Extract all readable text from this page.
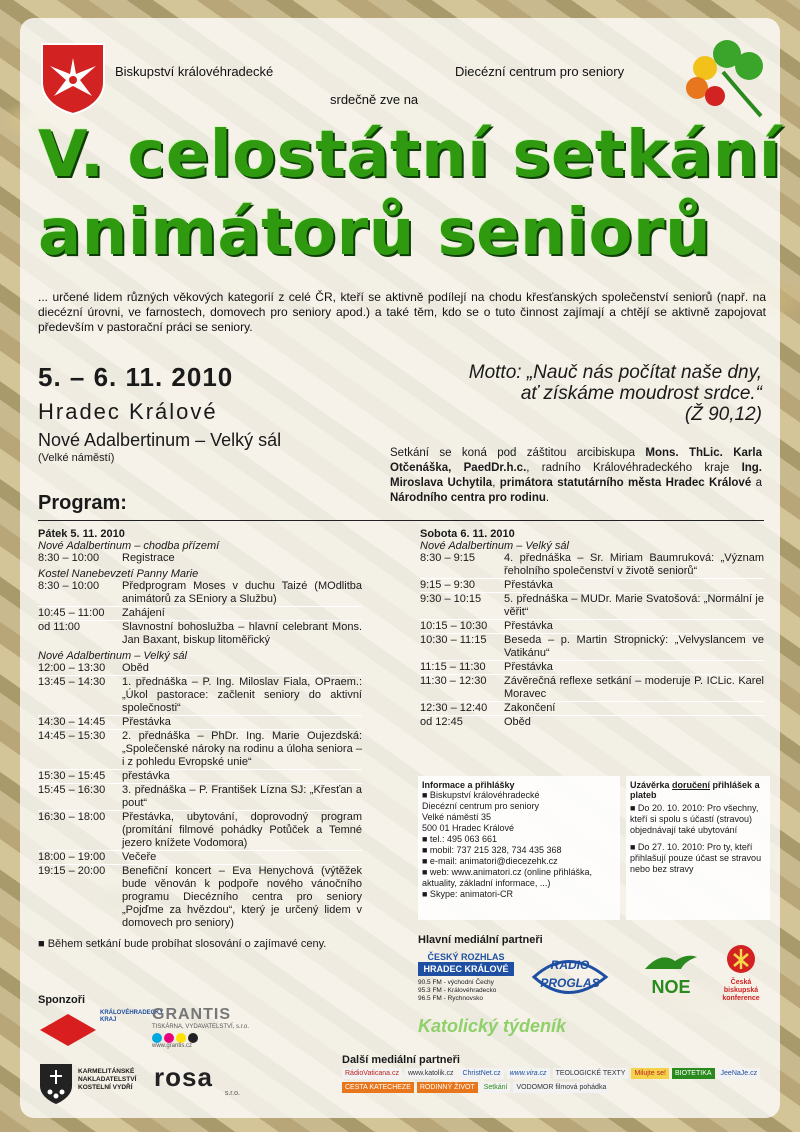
Biskupství královéhradecké	Diecézní centrum pro seniory
srdečně zve na
V. celostátní setkání
animátorů seniorů
... určené lidem různých věkových kategorií z celé ČR, kteří se aktivně podílejí na chodu křesťanských společenství seniorů (např. na diecézní úrovni, ve farnostech, domovech pro seniory apod.) a také těm, kdo se o tuto činnost zajímají a chtějí se aktivně zapojovat především v pastorační práci se seniory.
5. – 6. 11. 2010
Hradec Králové
Nové Adalbertinum – Velký sál
(Velké náměstí)
Motto: „Nauč nás počítat naše dny,
ať získáme moudrost srdce.“
(Ž 90,12)
Setkání se koná pod záštitou arcibiskupa Mons. ThLic. Karla Otčenáška, PaedDr.h.c., radního Královéhradeckého kraje Ing. Miroslava Uchytila, primátora statutárního města Hradec Králové a Národního centra pro rodinu.
Program:
Pátek 5. 11. 2010
Nové Adalbertinum – chodba přízemí
8:30 – 10:00	Registrace
Kostel Nanebevzetí Panny Marie
8:30 – 10:00	Předprogram Moses v duchu Taizé (MOdlitba animátorů za SEniory a Službu)
10:45 – 11:00	Zahájení
od 11:00	Slavnostní bohoslužba – hlavní celebrant Mons. Jan Baxant, biskup litoměřický
Nové Adalbertinum – Velký sál
12:00 – 13:30	Oběd
13:45 – 14:30	1. přednáška – P. Ing. Miloslav Fiala, OPraem.: „Úkol pastorace: začlenit seniory do aktivní společnosti“
14:30 – 14:45	Přestávka
14:45 – 15:30	2. přednáška – PhDr. Ing. Marie Oujezdská: „Společenské nároky na rodinu a úloha seniora – i z pohledu Evropské unie“
15:30 – 15:45	přestávka
15:45 – 16:30	3. přednáška – P. František Lízna SJ: „Křesťan a pout“
16:30 – 18:00	Přestávka, ubytování, doprovodný program (promítání filmové pohádky Potůček a Temné jezero knížete Vodomora)
18:00 – 19:00	Večeře
19:15 – 20:00	Benefiční koncert – Eva Henychová (výtěžek bude věnován k podpoře nového vánočního programu Diecézního centra pro seniory „Pojďme za hvězdou“, který je určený lidem v domovech pro seniory)
■ Během setkání bude probíhat slosování o zajímavé ceny.
Sobota 6. 11. 2010
Nové Adalbertinum – Velký sál
8:30 – 9:15	4. přednáška – Sr. Miriam Baumruková: „Význam řeholního společenství v životě seniorů“
9:15 – 9:30	Přestávka
9:30 – 10:15	5. přednáška – MUDr. Marie Svatošová: „Normální je věřit“
10:15 – 10:30	Přestávka
10:30 – 11:15	Beseda – p. Martin Stropnický: „Velvyslancem ve Vatikánu“
11:15 – 11:30	Přestávka
11:30 – 12:30	Závěrečná reflexe setkání – moderuje P. ICLic. Karel Moravec
12:30 – 12:40	Zakončení
od 12:45	Oběd
Informace a přihlášky
■ Biskupství královéhradecké
Diecézní centrum pro seniory
Velké náměstí 35
500 01 Hradec Králové
■ tel.: 495 063 661
■ mobil: 737 215 328, 734 435 368
■ e-mail: animatori@diecezehk.cz
■ web: www.animatori.cz (online přihláška, aktuality, základní informace, ...)
■ Skype: animatori-CR
Uzávěrka doručení přihlášek a plateb
■ Do 20. 10. 2010: Pro všechny, kteří si spolu s účastí (stravou) objednávají také ubytování
■ Do 27. 10. 2010: Pro ty, kteří přihlašují pouze účast se stravou nebo bez stravy
Hlavní mediální partneři
ČESKÝ ROZHLAS
HRADEC KRÁLOVÉ
90.5 FM - východní Čechy
95.3 FM - Královéhradecko
96.5 FM - Rychnovsko
RADIO
PROGLAS	NOE	Česká biskupská konference
Katolický týdeník
Další mediální partneři
RádioVaticana.cz	www.katolik.cz	ChristNet.cz	www.vira.cz	TEOLOGICKÉ TEXTY	Milujte se!	BIOTETIKA	JeeNaJe.cz
CESTA KATECHEZE	RODINNÝ ŽIVOT	Setkání	VODOMOR filmová pohádka
Sponzoři
KRÁLOVÉHRADECKÝ KRAJ	GRANTIS
TISKÁRNA, VYDAVATELSTVÍ, s.r.o.
www.grantis.cz
KARMELITÁNSKÉ NAKLADATELSTVÍ KOSTELNÍ VYDŘÍ rosa
s.r.o.
